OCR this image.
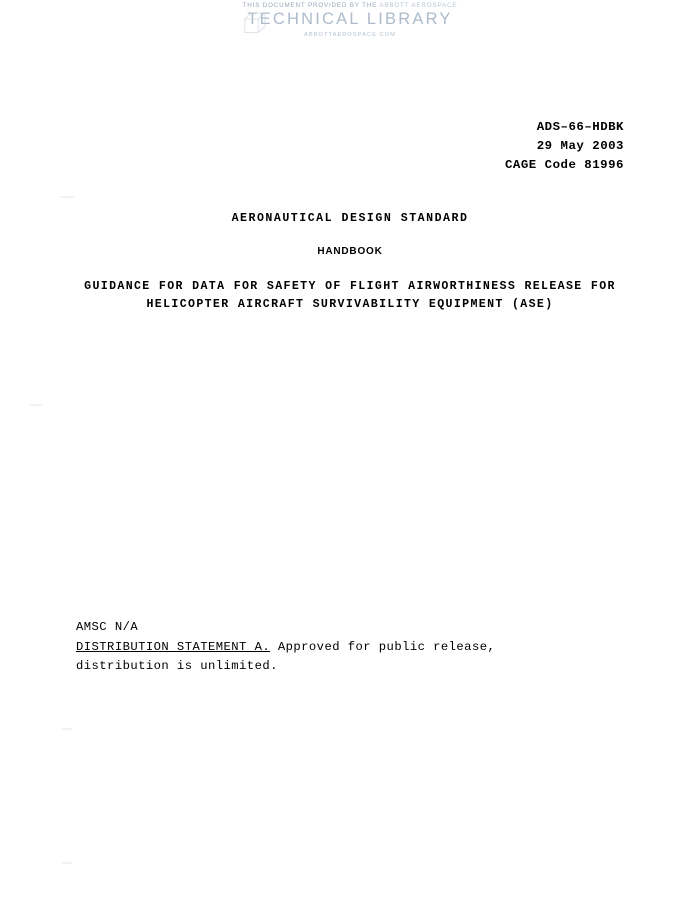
THIS DOCUMENT PROVIDED BY THE ABBOTT AEROSPACE
TECHNICAL LIBRARY
ABBOTTAEROSPACE.COM
ADS–66–HDBK
29 May 2003
CAGE Code 81996
AERONAUTICAL DESIGN STANDARD
HANDBOOK
GUIDANCE FOR DATA FOR SAFETY OF FLIGHT AIRWORTHINESS RELEASE FOR
HELICOPTER AIRCRAFT SURVIVABILITY EQUIPMENT (ASE)
AMSC N/A
DISTRIBUTION STATEMENT A. Approved for public release,
distribution is unlimited.
